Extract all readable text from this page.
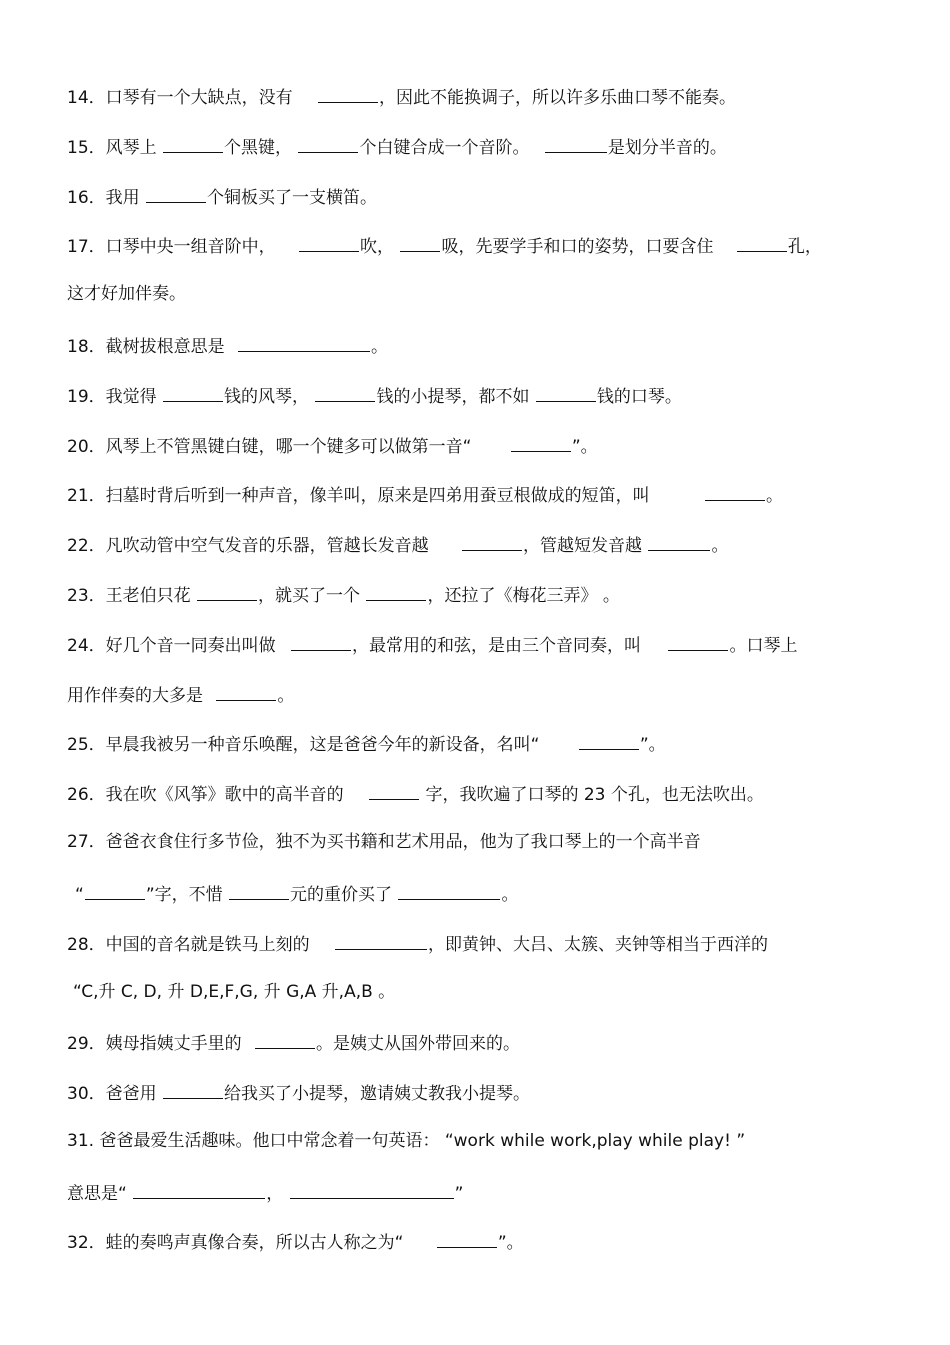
14．口琴有一个大缺点，没有	，因此不能换调子，所以许多乐曲口琴不能奏。
15．风琴上	个黑键，	个白键合成一个音阶。	是划分半音的。
16．我用	个铜板买了一支横笛。
17．口琴中央一组音阶中，	吹， 吸，先要学手和口的姿势，口要含住	孔，
这才好加伴奏。
18．截树拔根意思是	。
19．我觉得	钱的风琴，	钱的小提琴，都不如	钱的口琴。
20．风琴上不管黑键白键，哪一个键多可以做第一音“	”。
21．扫墓时背后听到一种声音，像羊叫，原来是四弟用蚕豆根做成的短笛，叫	。
22．凡吹动管中空气发音的乐器，管越长发音越	，管越短发音越	。
23．王老伯只花	，就买了一个	，还拉了《梅花三弄》 。
24．好几个音一同奏出叫做	，最常用的和弦，是由三个音同奏，叫	。口琴上
用作伴奏的大多是	。
25．早晨我被另一种音乐唤醒，这是爸爸今年的新设备，名叫“	”。
26．我在吹《风筝》歌中的高半音的	字，我吹遍了口琴的 23 个孔，也无法吹出。
27．爸爸衣食住行多节俭，独不为买书籍和艺术用品，他为了我口琴上的一个高半音
“	”字，不惜	元的重价买了	。
28．中国的音名就是铁马上刻的	，即黄钟、大吕、太簇、夹钟等相当于西洋的
“C,升 C, D, 升 D,E,F,G, 升 G,A 升,A,B 。
29．姨母指姨丈手里的	。是姨丈从国外带回来的。
30．爸爸用	给我买了小提琴，邀请姨丈教我小提琴。
31. 爸爸最爱生活趣味。他口中常念着一句英语： “work while work,play while play! ”
意思是“	，	”
32．蛙的奏鸣声真像合奏，所以古人称之为“	”。
